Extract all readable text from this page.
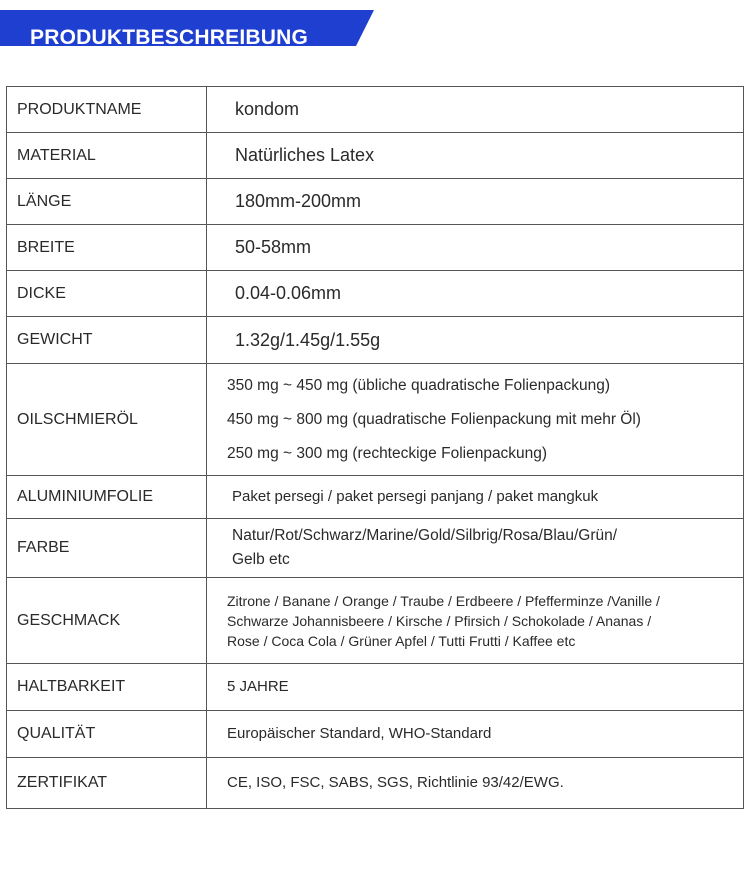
PRODUKTBESCHREIBUNG
PRODUKTNAME	kondom
MATERIAL	Natürliches Latex
LÄNGE	180mm-200mm
BREITE	50-58mm
DICKE	0.04-0.06mm
GEWICHT	1.32g/1.45g/1.55g
OILSCHMIERÖL	350 mg ~ 450 mg (übliche quadratische Folienpackung)
450 mg ~ 800 mg (quadratische Folienpackung mit mehr Öl)
250 mg ~ 300 mg (rechteckige Folienpackung)

ALUMINIUMFOLIE	Paket persegi / paket persegi panjang / paket mangkuk
FARBE	Natur/Rot/Schwarz/Marine/Gold/Silbrig/Rosa/Blau/Grün/
Gelb etc

GESCHMACK	Zitrone / Banane / Orange / Traube / Erdbeere / Pfefferminze /Vanille /
Schwarze Johannisbeere / Kirsche / Pfirsich / Schokolade / Ananas /
Rose / Coca Cola / Grüner Apfel / Tutti Frutti / Kaffee etc

HALTBARKEIT	5 JAHRE
QUALITÄT	Europäischer Standard, WHO-Standard
ZERTIFIKAT	CE, ISO, FSC, SABS, SGS, Richtlinie 93/42/EWG.
